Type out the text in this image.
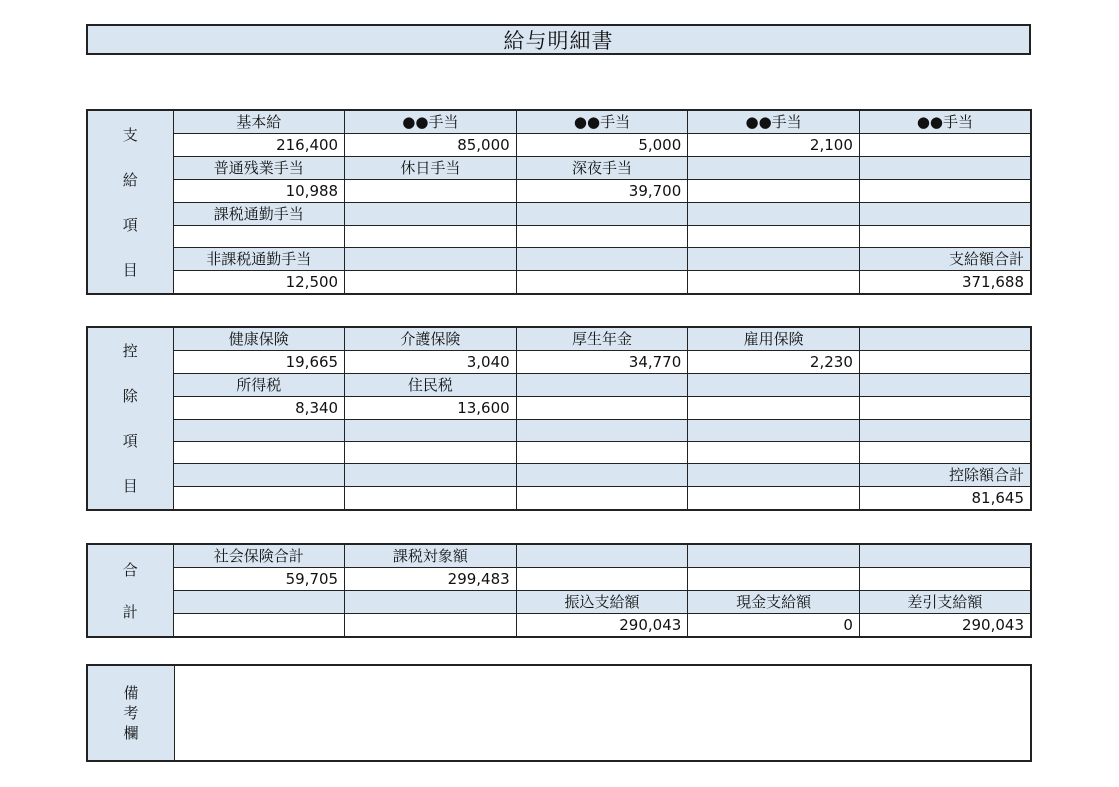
給与明細書
支
給
項
目	基本給	●●手当	●●手当	●●手当	●●手当
	216,400	85,000	5,000	2,100	
	普通残業手当	休日手当	深夜手当		
	10,988		39,700		
	課税通勤手当				

	非課税通勤手当				支給額合計
	12,500				371,688
控
除
項
目	健康保険	介護保険	厚生年金	雇用保険	
	19,665	3,040	34,770	2,230	
	所得税	住民税			
	8,340	13,600			

					控除額合計
					81,645
合
計	社会保険合計	課税対象額			
	59,705	299,483			
			振込支給額	現金支給額	差引支給額
			290,043	0	290,043
備
考
欄
